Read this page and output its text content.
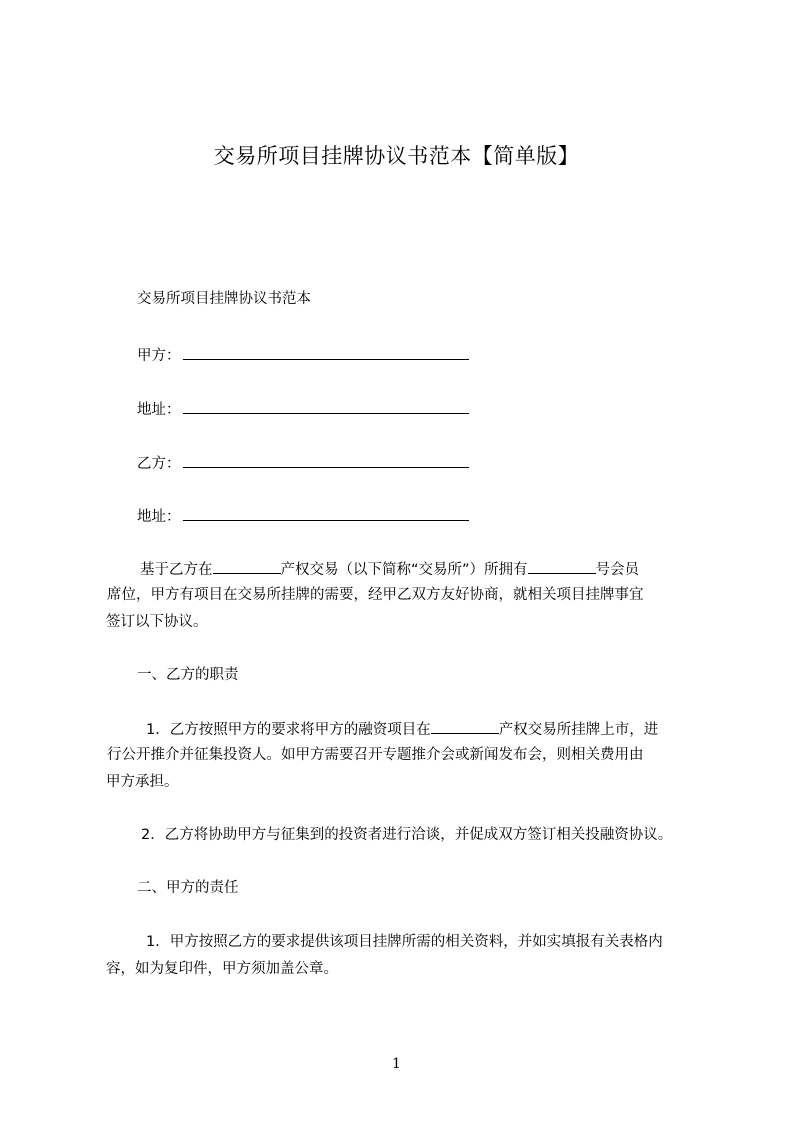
交易所项目挂牌协议书范本【简单版】
交易所项目挂牌协议书范本
甲方：
地址：
乙方：
地址：
基于乙方在	产权交易（以下简称“交易所”）所拥有	号会员
席位，甲方有项目在交易所挂牌的需要，经甲乙双方友好协商，就相关项目挂牌事宜
签订以下协议。
一、乙方的职责
1．乙方按照甲方的要求将甲方的融资项目在	产权交易所挂牌上市，进
行公开推介并征集投资人。如甲方需要召开专题推介会或新闻发布会，则相关费用由
甲方承担。
2．乙方将协助甲方与征集到的投资者进行洽谈，并促成双方签订相关投融资协议。
二、甲方的责任
1．甲方按照乙方的要求提供该项目挂牌所需的相关资料，并如实填报有关表格内
容，如为复印件，甲方须加盖公章。
1
